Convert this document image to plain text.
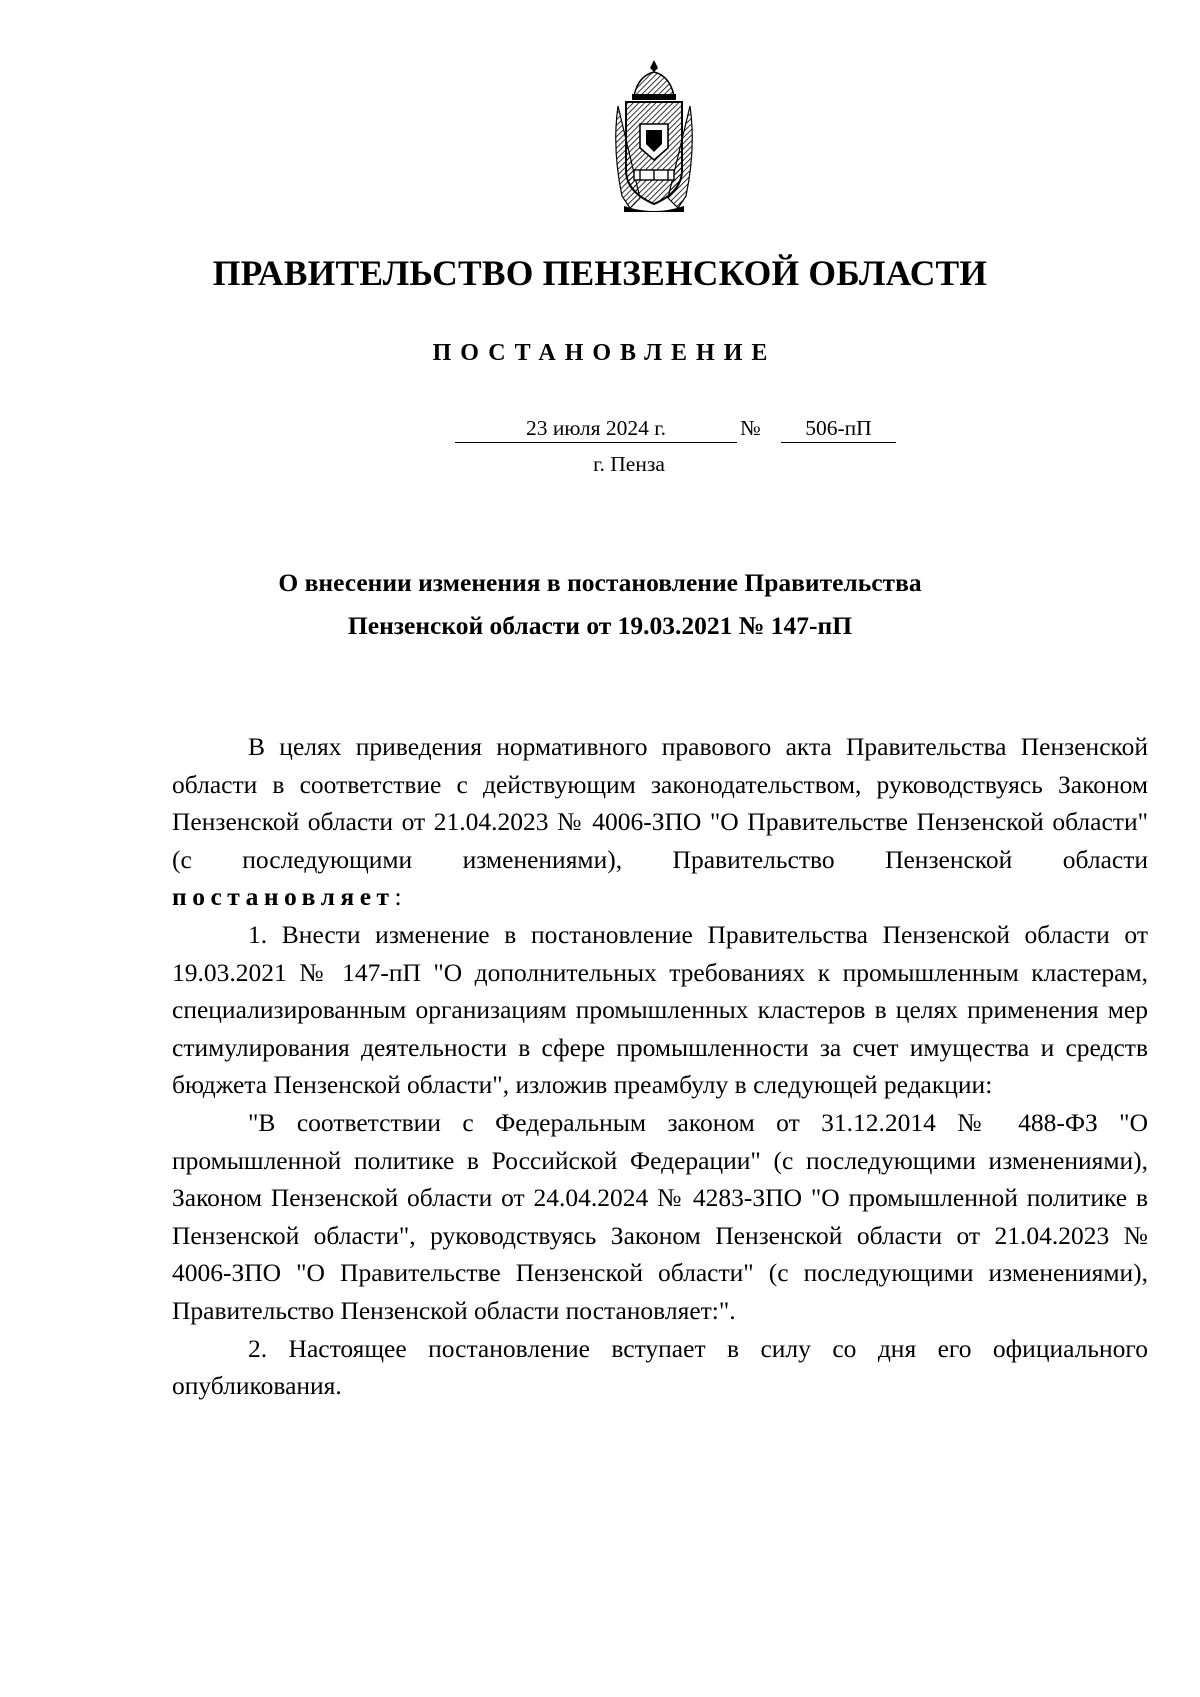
ПРАВИТЕЛЬСТВО ПЕНЗЕНСКОЙ ОБЛАСТИ
ПОСТАНОВЛЕНИЕ
23 июля 2024 г.	№	506-пП
г. Пенза
О внесении изменения в постановление Правительства
Пензенской области от 19.03.2021 № 147-пП

В целях приведения нормативного правового акта Правительства Пензенской области в соответствие с действующим законодательством, руководствуясь Законом Пензенской области от 21.04.2023 № 4006-ЗПО "О Правительстве Пензенской области" (с последующими изменениями), Правительство Пензенской области постановляет:

1. Внести изменение в постановление Правительства Пензенской области от 19.03.2021 № 147-пП "О дополнительных требованиях к промышленным кластерам, специализированным организациям промышленных кластеров в целях применения мер стимулирования деятельности в сфере промышленности за счет имущества и средств бюджета Пензенской области", изложив преамбулу в следующей редакции:

"В соответствии с Федеральным законом от 31.12.2014 № 488-ФЗ "О промышленной политике в Российской Федерации" (с последующими изменениями), Законом Пензенской области от 24.04.2024 № 4283-ЗПО "О промышленной политике в Пензенской области", руководствуясь Законом Пензенской области от 21.04.2023 № 4006-ЗПО "О Правительстве Пензенской области" (с последующими изменениями), Правительство Пензенской области постановляет:".

2. Настоящее постановление вступает в силу со дня его официального опубликования.
